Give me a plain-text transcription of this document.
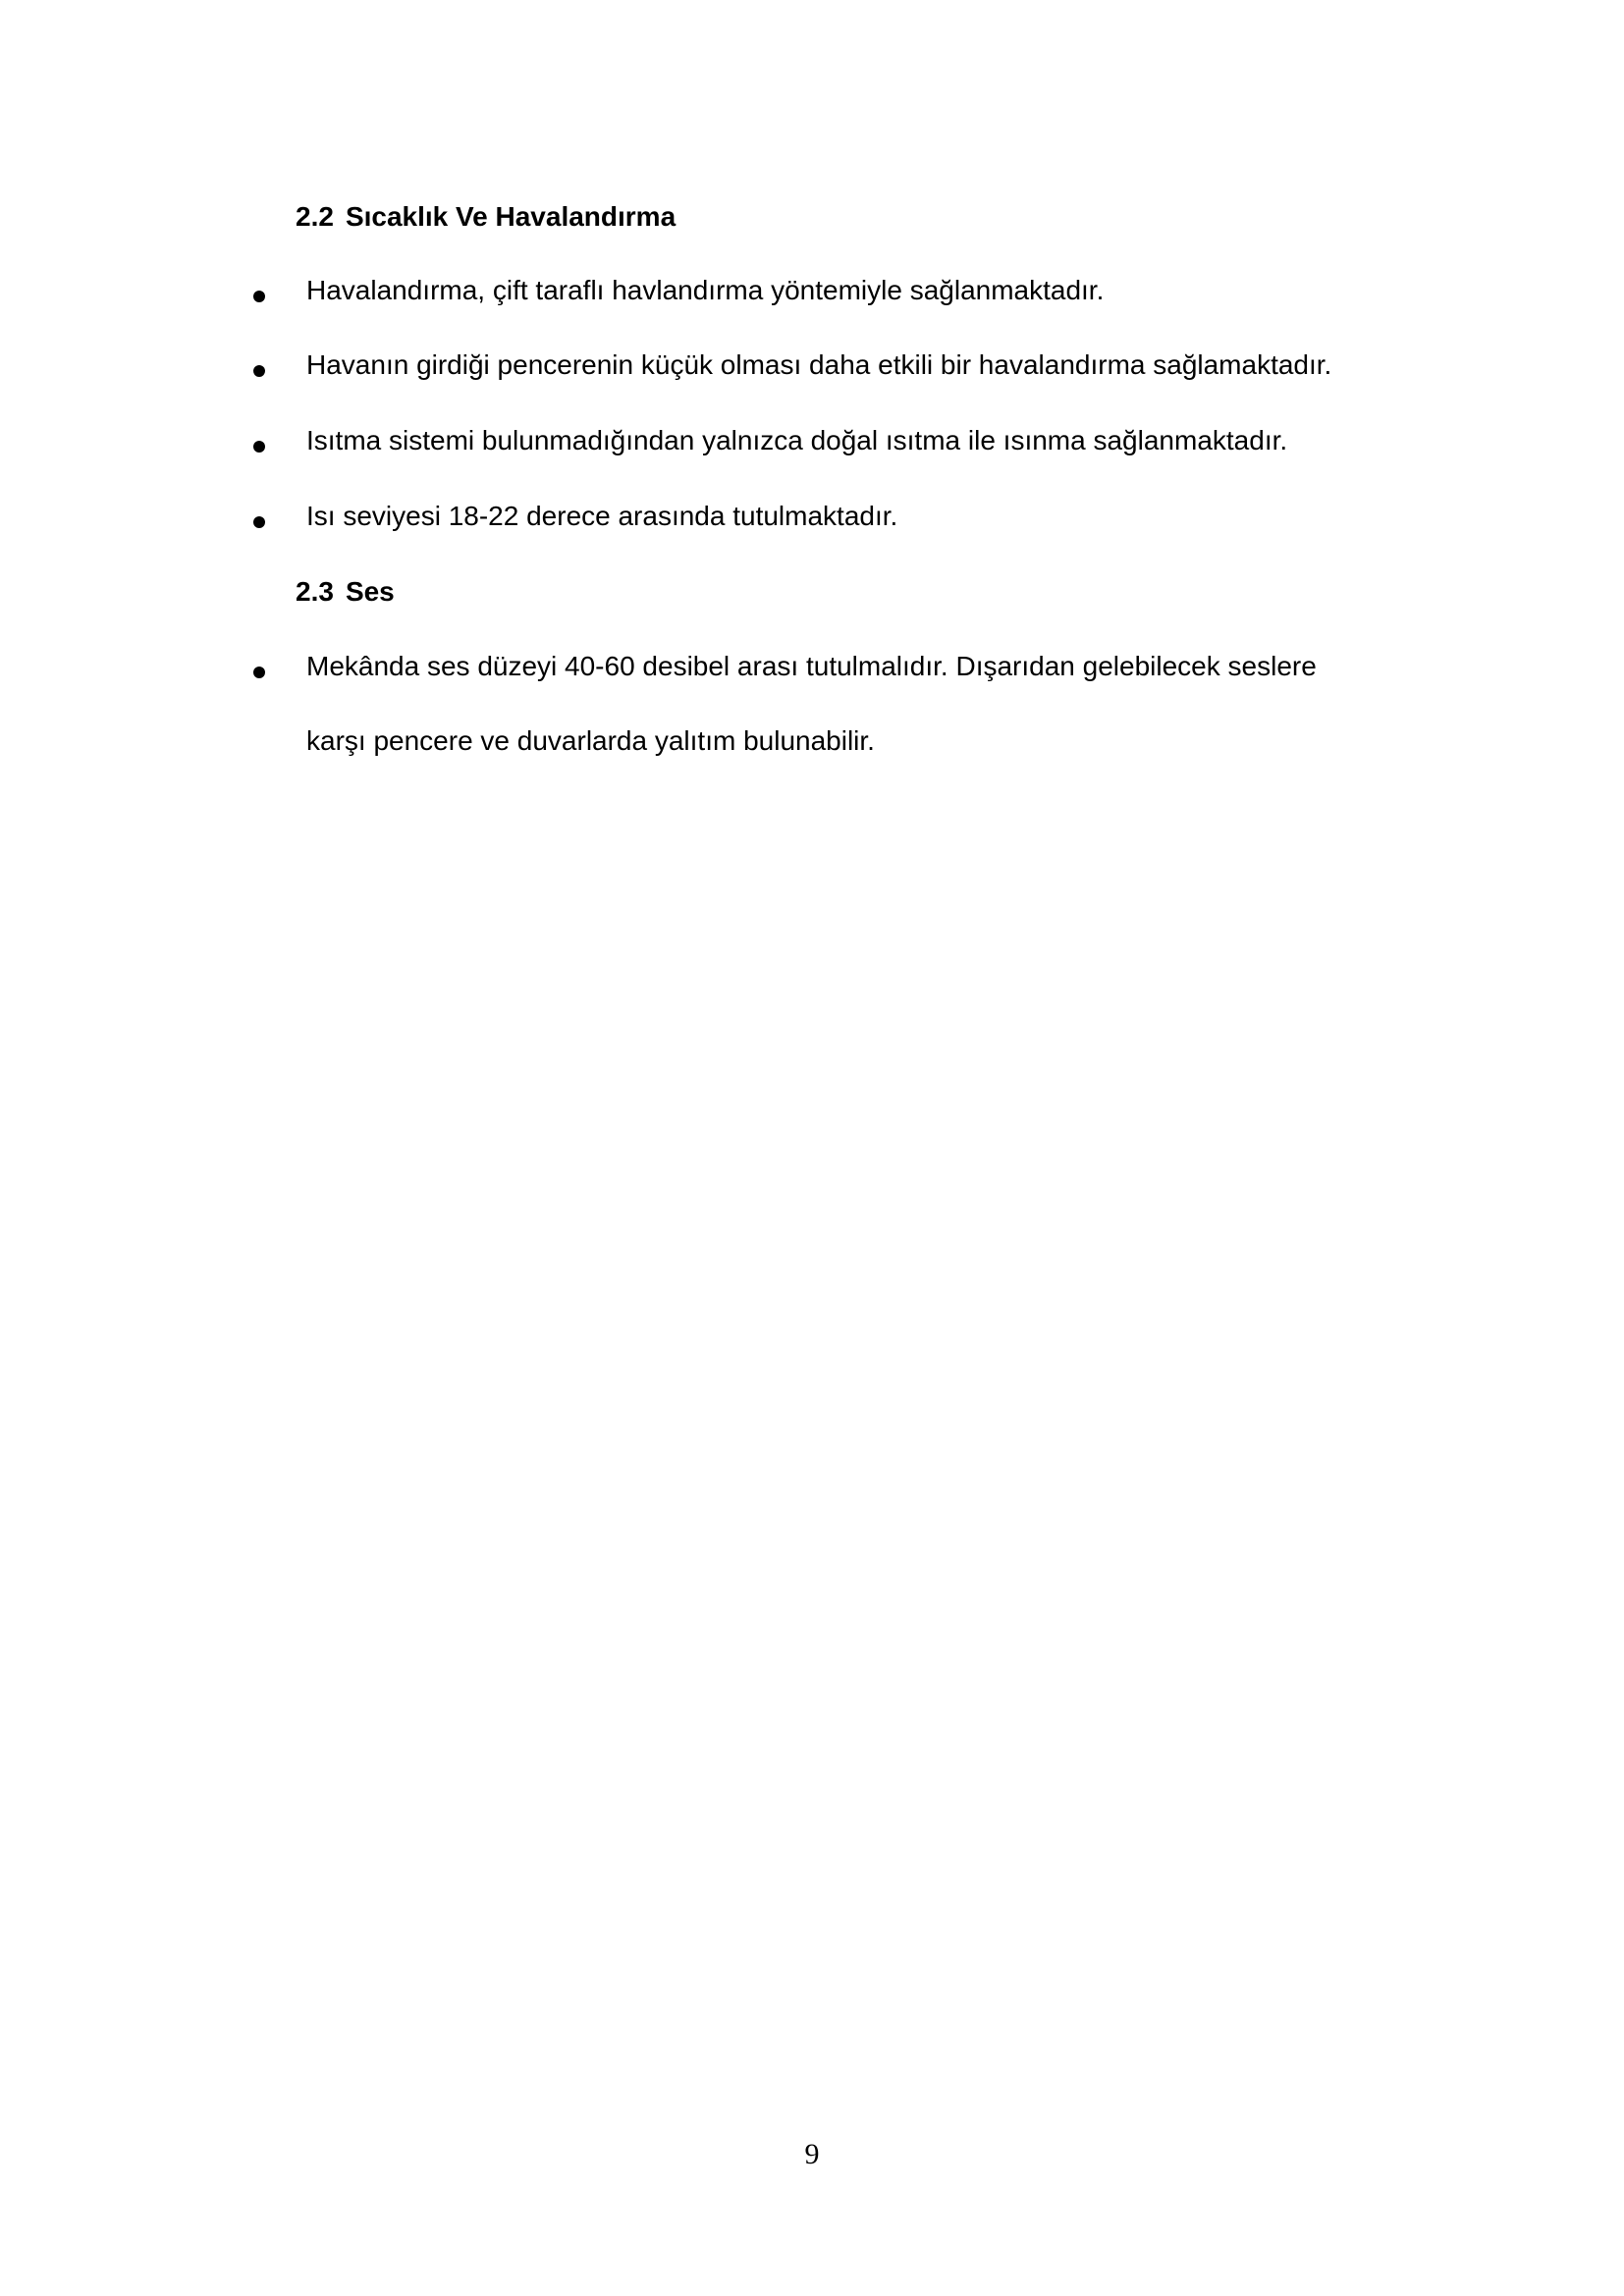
2.2 Sıcaklık Ve Havalandırma
Havalandırma, çift taraflı havlandırma yöntemiyle sağlanmaktadır.
Havanın girdiği pencerenin küçük olması daha etkili bir havalandırma sağlamaktadır.
Isıtma sistemi bulunmadığından yalnızca doğal ısıtma ile ısınma sağlanmaktadır.
Isı seviyesi 18-22 derece arasında tutulmaktadır.
2.3 Ses
Mekânda ses düzeyi 40-60 desibel arası tutulmalıdır. Dışarıdan gelebilecek seslere karşı pencere ve duvarlarda yalıtım bulunabilir.
9
